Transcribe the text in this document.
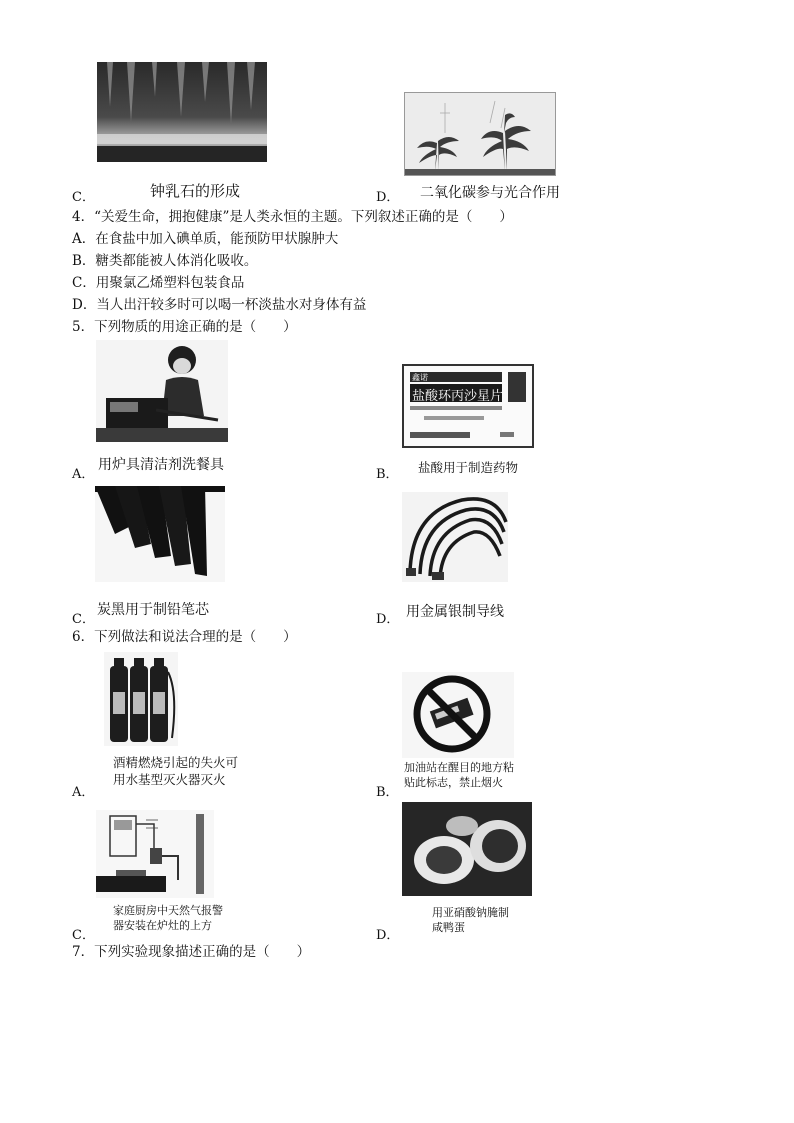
C．	钟乳石的形成	D． 二氧化碳参与光合作用
4．“关爱生命，拥抱健康”是人类永恒的主题。下列叙述正确的是（　　）
A．在食盐中加入碘单质，能预防甲状腺肿大
B．糖类都能被人体消化吸收。
C．用聚氯乙烯塑料包装食品
D．当人出汗较多时可以喝一杯淡盐水对身体有益
5．下列物质的用途正确的是（　　）
A．
用炉具清洁剂洗餐具
鑫诺
盐酸环丙沙星片
B． 盐酸用于制造药物
C．
炭黑用于制铅笔芯
D． 用金属银制导线
6．下列做法和说法合理的是（　　）
A．
酒精燃烧引起的失火可
用水基型灭火器灭火
B．
加油站在醒目的地方粘
贴此标志，禁止烟火
C．
家庭厨房中天然气报警
器安装在炉灶的上方
D．
用亚硝酸钠腌制
咸鸭蛋
7．下列实验现象描述正确的是（　　）
